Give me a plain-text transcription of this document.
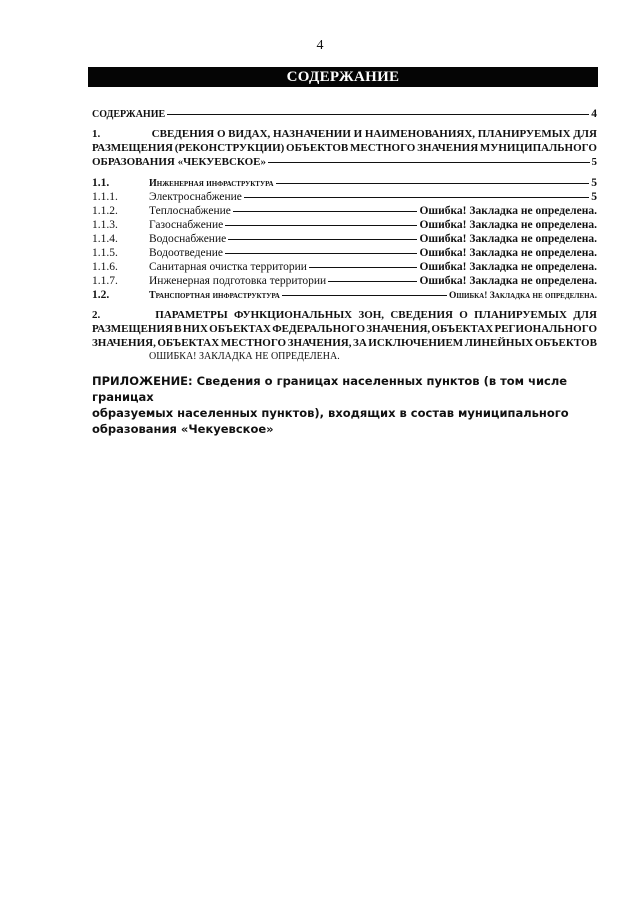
4
СОДЕРЖАНИЕ
СОДЕРЖАНИЕ	4
1.	СВЕДЕНИЯ О ВИДАХ, НАЗНАЧЕНИИ И НАИМЕНОВАНИЯХ, ПЛАНИРУЕМЫХ ДЛЯ
РАЗМЕЩЕНИЯ (РЕКОНСТРУКЦИИ) ОБЪЕКТОВ МЕСТНОГО ЗНАЧЕНИЯ МУНИЦИПАЛЬНОГО
ОБРАЗОВАНИЯ «ЧЕКУЕВСКОЕ»	5
1.1.	Инженерная инфраструктура	5
1.1.1.	Электроснабжение	5
1.1.2.	Теплоснабжение	Ошибка! Закладка не определена.
1.1.3.	Газоснабжение	Ошибка! Закладка не определена.
1.1.4.	Водоснабжение	Ошибка! Закладка не определена.
1.1.5.	Водоотведение	Ошибка! Закладка не определена.
1.1.6.	Санитарная очистка территории	Ошибка! Закладка не определена.
1.1.7.	Инженерная подготовка территории	Ошибка! Закладка не определена.
1.2.	Транспортная инфраструктура	Ошибка! Закладка не определена.
2.	ПАРАМЕТРЫ ФУНКЦИОНАЛЬНЫХ ЗОН, СВЕДЕНИЯ О ПЛАНИРУЕМЫХ ДЛЯ
РАЗМЕЩЕНИЯ В НИХ ОБЪЕКТАХ ФЕДЕРАЛЬНОГО ЗНАЧЕНИЯ, ОБЪЕКТАХ РЕГИОНАЛЬНОГО
ЗНАЧЕНИЯ, ОБЪЕКТАХ МЕСТНОГО ЗНАЧЕНИЯ, ЗА ИСКЛЮЧЕНИЕМ ЛИНЕЙНЫХ ОБЪЕКТОВ
ОШИБКА! ЗАКЛАДКА НЕ ОПРЕДЕЛЕНА.
ПРИЛОЖЕНИЕ: Сведения о границах населенных пунктов (в том числе границах
образуемых населенных пунктов), входящих в состав муниципального
образования «Чекуевское»
